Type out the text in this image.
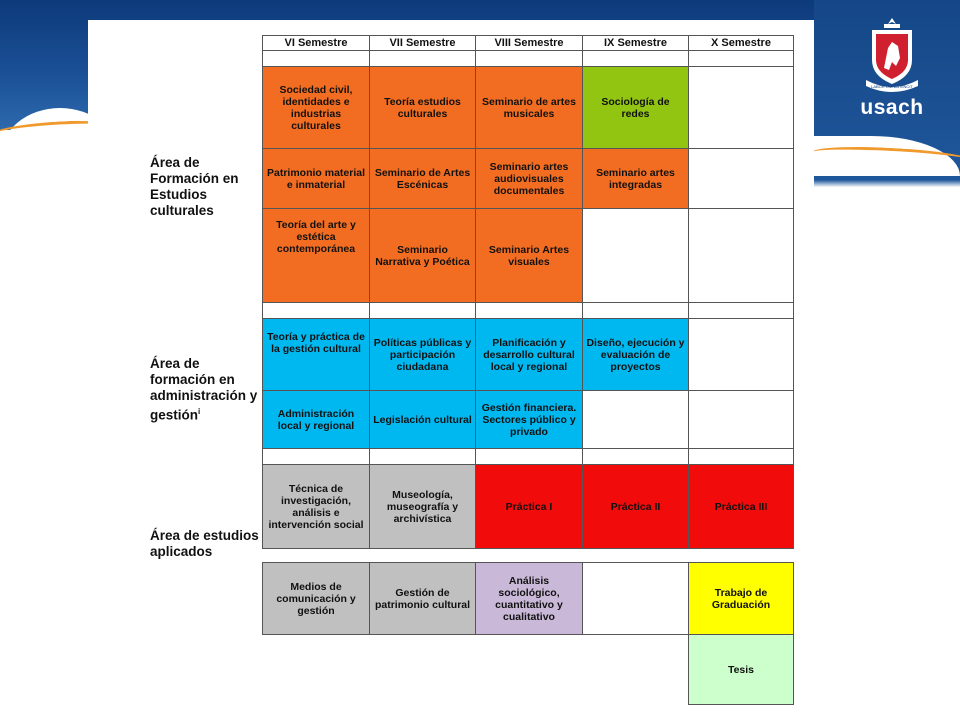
LABOR OMNIA VINCIT
usach
Área de Formación en Estudios culturales
Área de formación en administración y gestión$^i$
Área de estudios aplicados
VI Semestre	VII Semestre	VIII Semestre	IX Semestre	X Semestre

Sociedad civil, identidades e industrias culturales	Teoría estudios culturales	Seminario de artes musicales	Sociología de redes	
Patrimonio material e inmaterial	Seminario de Artes Escénicas	Seminario artes audiovisuales documentales	Seminario artes integradas	
Teoría del arte y estética contemporánea	Seminario Narrativa y Poética	Seminario Artes visuales		

Teoría y práctica de la gestión cultural	Políticas públicas y participación ciudadana	Planificación y desarrollo cultural local y regional	Diseño, ejecución y evaluación de proyectos	
Administración local y regional	Legislación cultural	Gestión financiera. Sectores público y privado		

Técnica de investigación, análisis e intervención social	Museología, museografía y archivística	Práctica I	Práctica II	Práctica III

Medios de comunicación y gestión	Gestión de patrimonio cultural	Análisis sociológico, cuantitativo y cualitativo		Trabajo de Graduación
				Tesis
